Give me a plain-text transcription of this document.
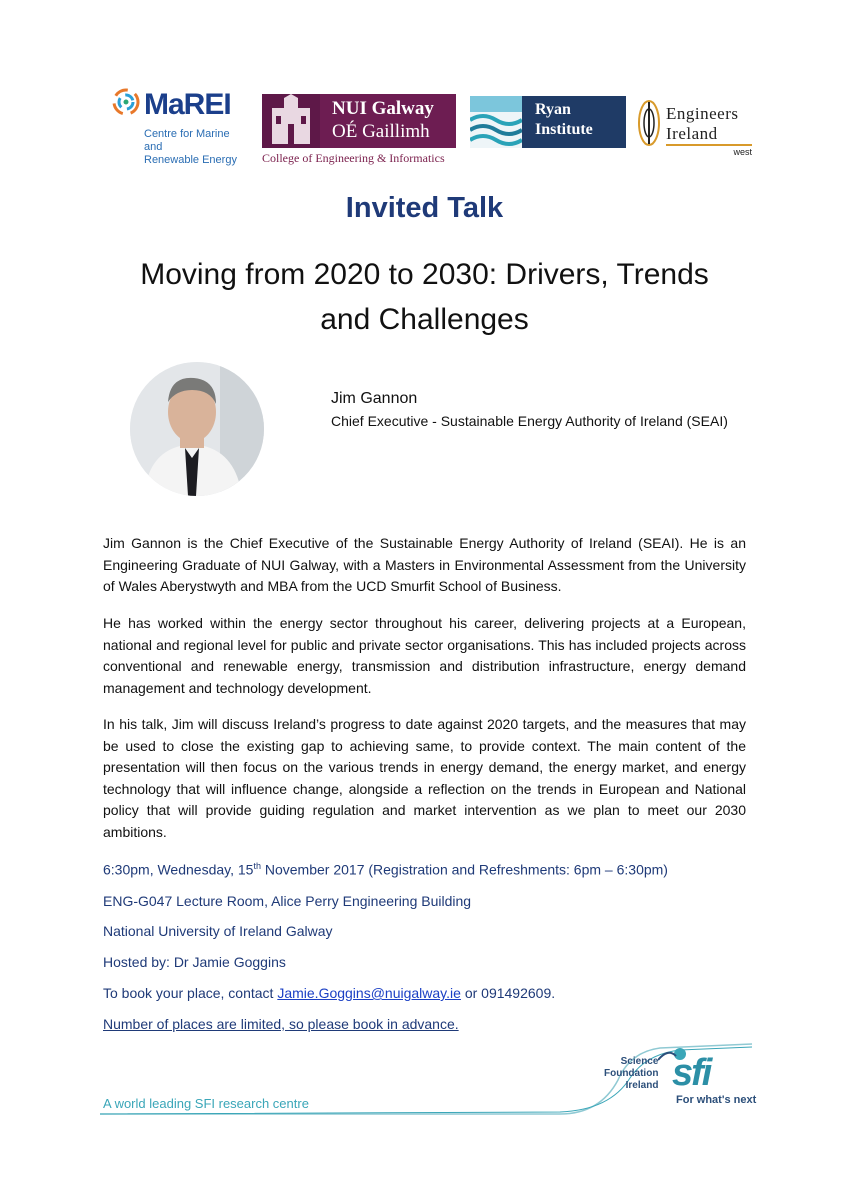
MaREI
Centre for Marine and
Renewable Energy
NUI Galway
OÉ Gaillimh
College of Engineering & Informatics
Ryan
Institute
Engineers
Ireland
west
Invited Talk
Moving from 2020 to 2030: Drivers, Trends
and Challenges
Jim Gannon
Chief Executive - Sustainable Energy Authority of Ireland (SEAI)

Jim Gannon is the Chief Executive of the Sustainable Energy Authority of Ireland (SEAI). He is an Engineering Graduate of NUI Galway, with a Masters in Environmental Assessment from the University of Wales Aberystwyth and MBA from the UCD Smurfit School of Business.

He has worked within the energy sector throughout his career, delivering projects at a European, national and regional level for public and private sector organisations. This has included projects across conventional and renewable energy, transmission and distribution infrastructure, energy demand management and technology development.

In his talk, Jim will discuss Ireland’s progress to date against 2020 targets, and the measures that may be used to close the existing gap to achieving same, to provide context. The main content of the presentation will then focus on the various trends in energy demand, the energy market, and energy technology that will influence change, alongside a reflection on the trends in European and National policy that will provide guiding regulation and market intervention as we plan to meet our 2030 ambitions.

6:30pm, Wednesday, 15th November 2017 (Registration and Refreshments: 6pm – 6:30pm)
ENG-G047 Lecture Room, Alice Perry Engineering Building
National University of Ireland Galway
Hosted by: Dr Jamie Goggins
To book your place, contact Jamie.Goggins@nuigalway.ie or 091492609.
Number of places are limited, so please book in advance.
A world leading SFI research centre
Science
Foundation
Ireland sfi
For what's next
